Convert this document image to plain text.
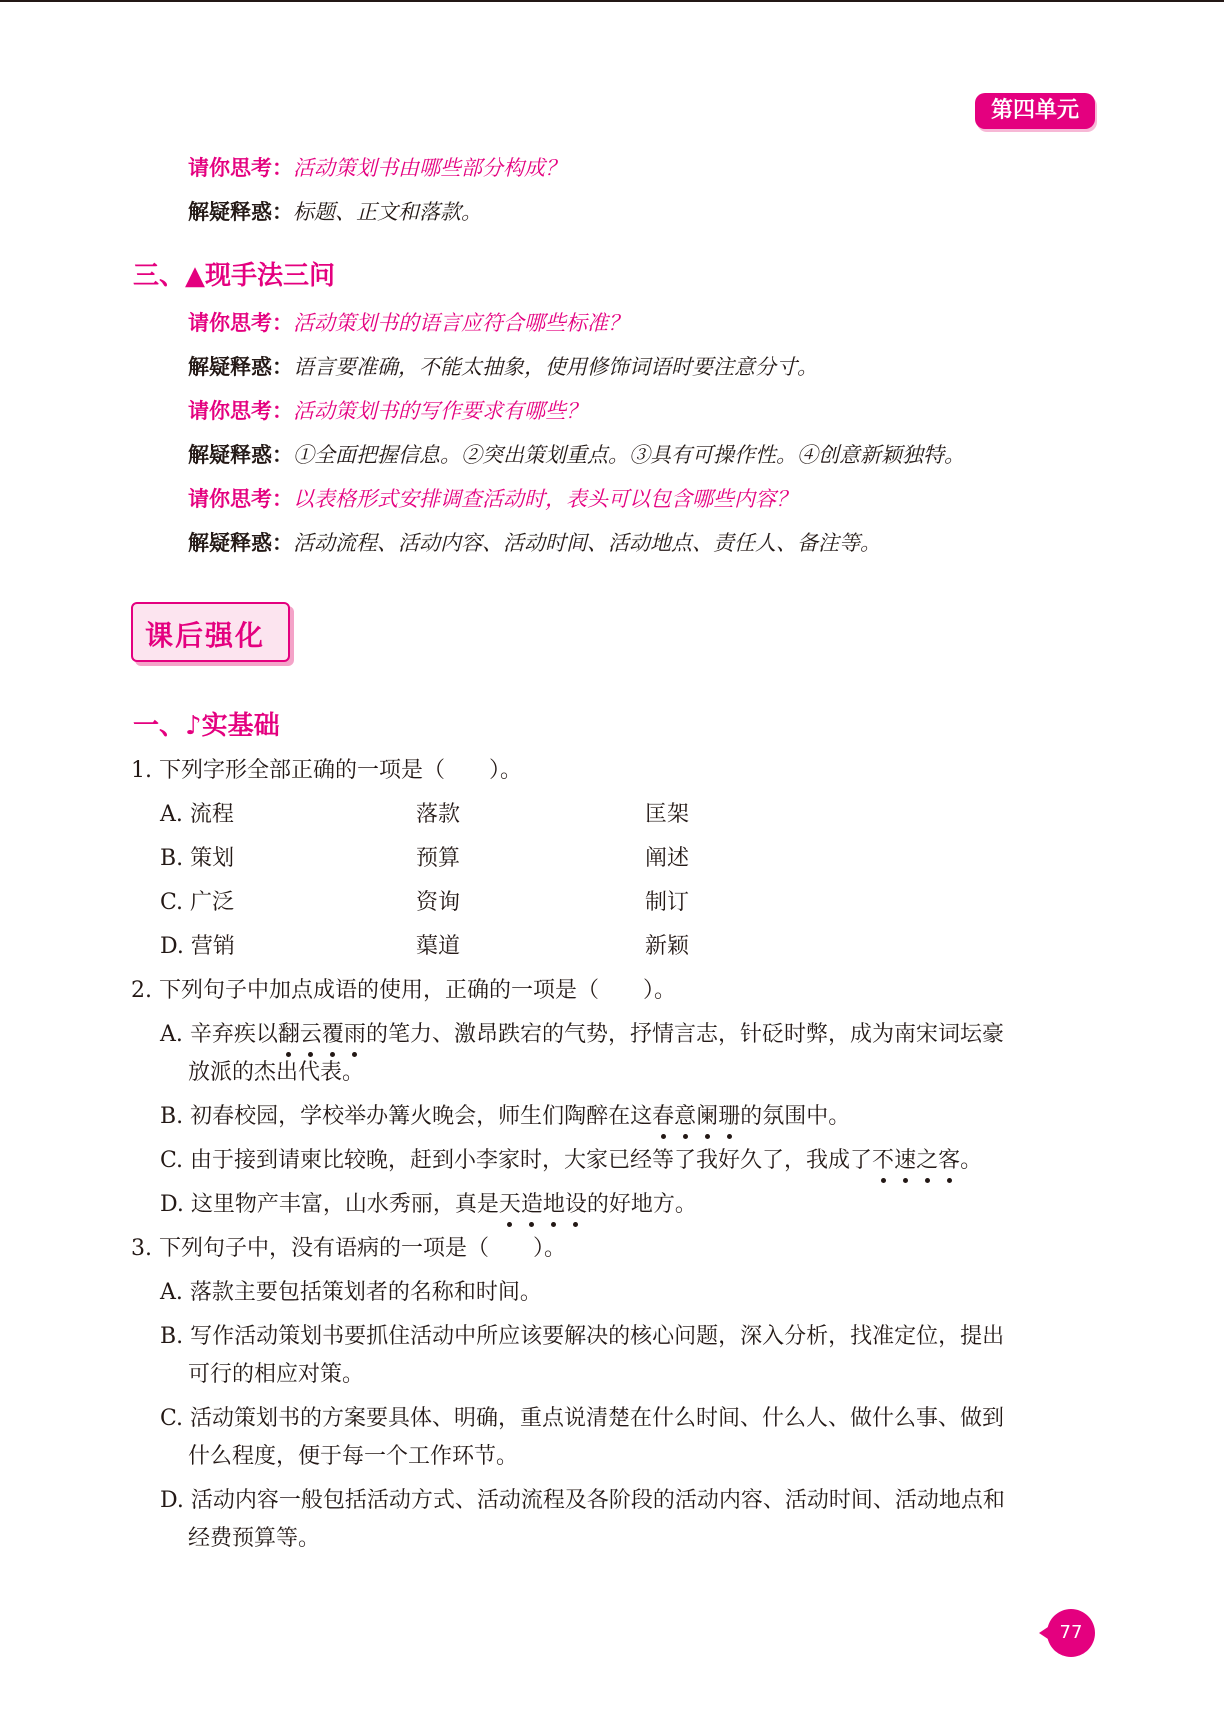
第四单元
请你思考：活动策划书由哪些部分构成？
解疑释惑：标题、正文和落款。
三、▲现手法三问
请你思考：活动策划书的语言应符合哪些标准？
解疑释惑：语言要准确，不能太抽象，使用修饰词语时要注意分寸。
请你思考：活动策划书的写作要求有哪些？
解疑释惑：①全面把握信息。②突出策划重点。③具有可操作性。④创意新颖独特。
请你思考：以表格形式安排调查活动时，表头可以包含哪些内容？
解疑释惑：活动流程、活动内容、活动时间、活动地点、责任人、备注等。
课后强化
一、♪实基础
1. 下列字形全部正确的一项是（　　）。
A. 流程	落款	匡架
B. 策划	预算	阐述
C. 广泛	资询	制订
D. 营销	蕖道	新颖
2. 下列句子中加点成语的使用，正确的一项是（　　）。
A. 辛弃疾以翻云覆雨的笔力、激昂跌宕的气势，抒情言志，针砭时弊，成为南宋词坛豪
放派的杰出代表。
B. 初春校园，学校举办篝火晚会，师生们陶醉在这春意阑珊的氛围中。
C. 由于接到请柬比较晚，赶到小李家时，大家已经等了我好久了，我成了不速之客。
D. 这里物产丰富，山水秀丽，真是天造地设的好地方。
3. 下列句子中，没有语病的一项是（　　）。
A. 落款主要包括策划者的名称和时间。
B. 写作活动策划书要抓住活动中所应该要解决的核心问题，深入分析，找准定位，提出
可行的相应对策。
C. 活动策划书的方案要具体、明确，重点说清楚在什么时间、什么人、做什么事、做到
什么程度，便于每一个工作环节。
D. 活动内容一般包括活动方式、活动流程及各阶段的活动内容、活动时间、活动地点和
经费预算等。
77
